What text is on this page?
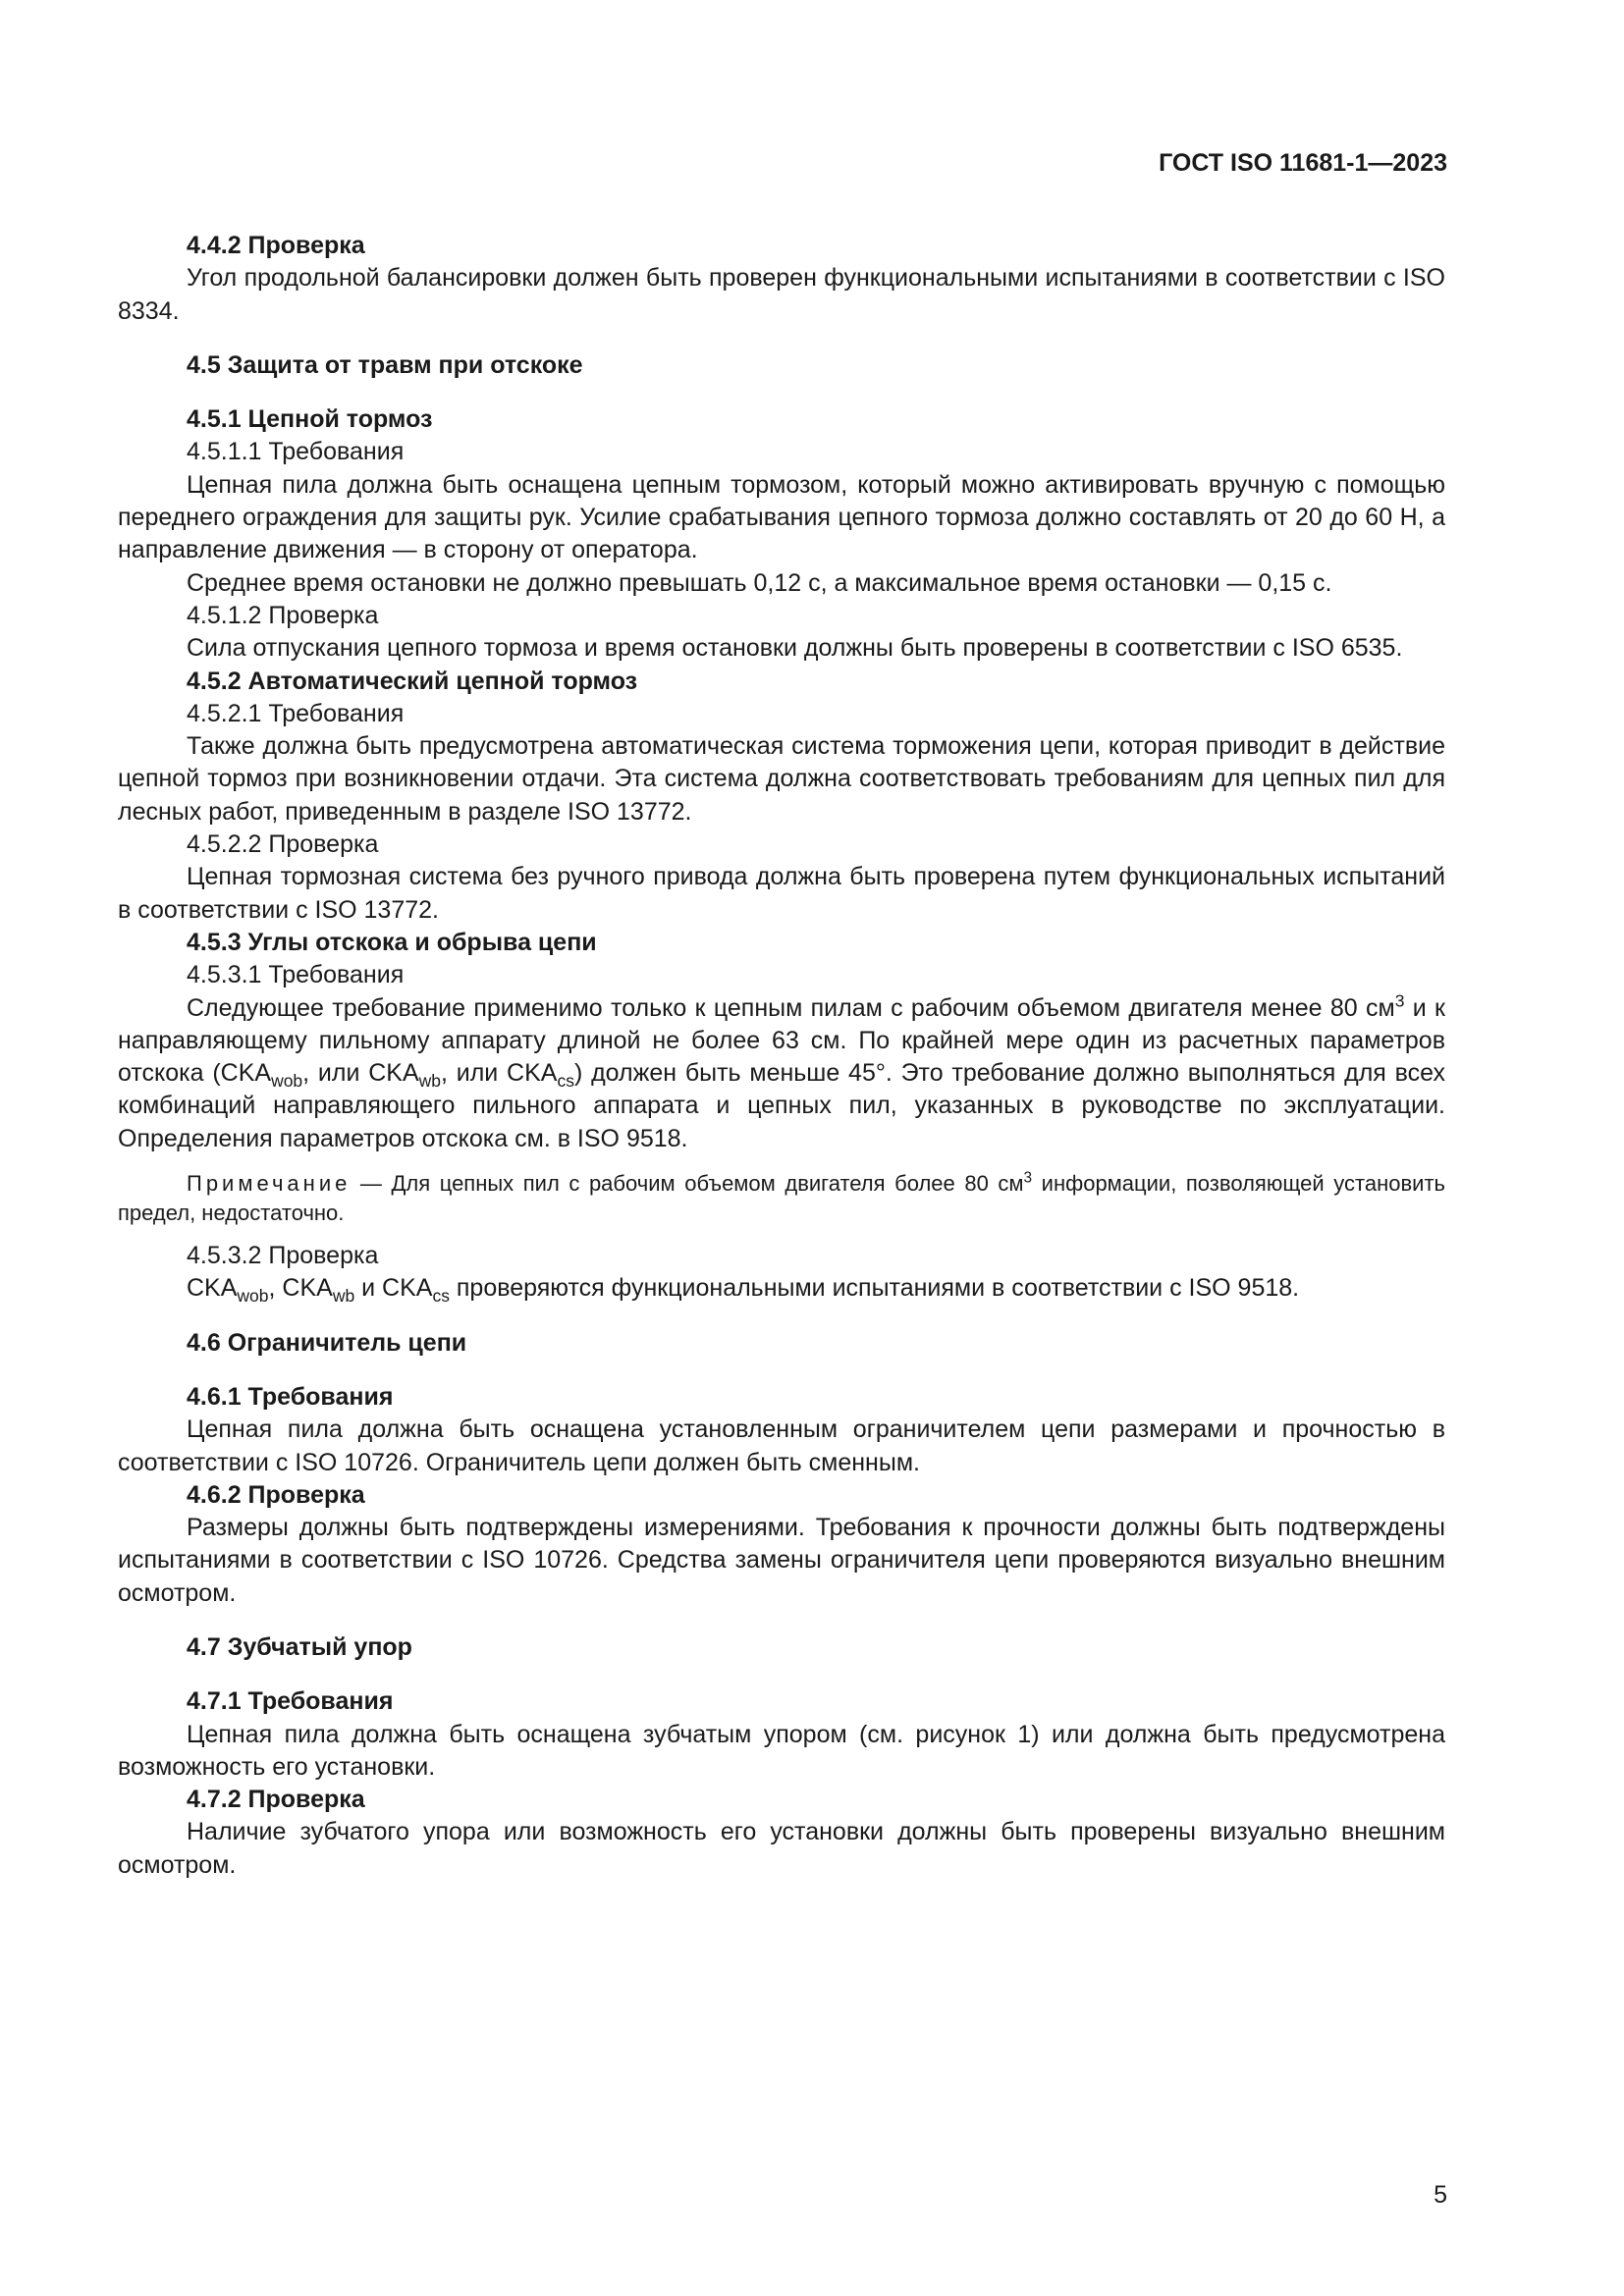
ГОСТ ISO 11681-1—2023

4.4.2 Проверка

Угол продольной балансировки должен быть проверен функциональными испытаниями в соответствии с ISO 8334.

4.5 Защита от травм при отскоке

4.5.1 Цепной тормоз

4.5.1.1 Требования

Цепная пила должна быть оснащена цепным тормозом, который можно активировать вручную с помощью переднего ограждения для защиты рук. Усилие срабатывания цепного тормоза должно составлять от 20 до 60 Н, а направление движения — в сторону от оператора.

Среднее время остановки не должно превышать 0,12 с, а максимальное время остановки — 0,15 с.

4.5.1.2 Проверка

Сила отпускания цепного тормоза и время остановки должны быть проверены в соответствии с ISO 6535.

4.5.2 Автоматический цепной тормоз

4.5.2.1 Требования

Также должна быть предусмотрена автоматическая система торможения цепи, которая приводит в действие цепной тормоз при возникновении отдачи. Эта система должна соответствовать требованиям для цепных пил для лесных работ, приведенным в разделе ISO 13772.

4.5.2.2 Проверка

Цепная тормозная система без ручного привода должна быть проверена путем функциональных испытаний в соответствии с ISO 13772.

4.5.3 Углы отскока и обрыва цепи

4.5.3.1 Требования

Следующее требование применимо только к цепным пилам с рабочим объемом двигателя менее 80 $см^3$ и к направляющему пильному аппарату длиной не более 63 см. По крайней мере один из расчетных параметров отскока ($CKA_{wob}$, или $CKA_{wb}$, или $CKA_{cs}$) должен быть меньше 45°. Это требование должно выполняться для всех комбинаций направляющего пильного аппарата и цепных пил, указанных в руководстве по эксплуатации. Определения параметров отскока см. в ISO 9518.

Примечание — Для цепных пил с рабочим объемом двигателя более 80 $см^3$ информации, позволяющей установить предел, недостаточно.

4.5.3.2 Проверка

$CKA_{wob}$, $CKA_{wb}$ и $CKA_{cs}$ проверяются функциональными испытаниями в соответствии с ISO 9518.

4.6 Ограничитель цепи

4.6.1 Требования

Цепная пила должна быть оснащена установленным ограничителем цепи размерами и прочностью в соответствии с ISO 10726. Ограничитель цепи должен быть сменным.

4.6.2 Проверка

Размеры должны быть подтверждены измерениями. Требования к прочности должны быть подтверждены испытаниями в соответствии с ISO 10726. Средства замены ограничителя цепи проверяются визуально внешним осмотром.

4.7 Зубчатый упор

4.7.1 Требования

Цепная пила должна быть оснащена зубчатым упором (см. рисунок 1) или должна быть предусмотрена возможность его установки.

4.7.2 Проверка

Наличие зубчатого упора или возможность его установки должны быть проверены визуально внешним осмотром.

5
